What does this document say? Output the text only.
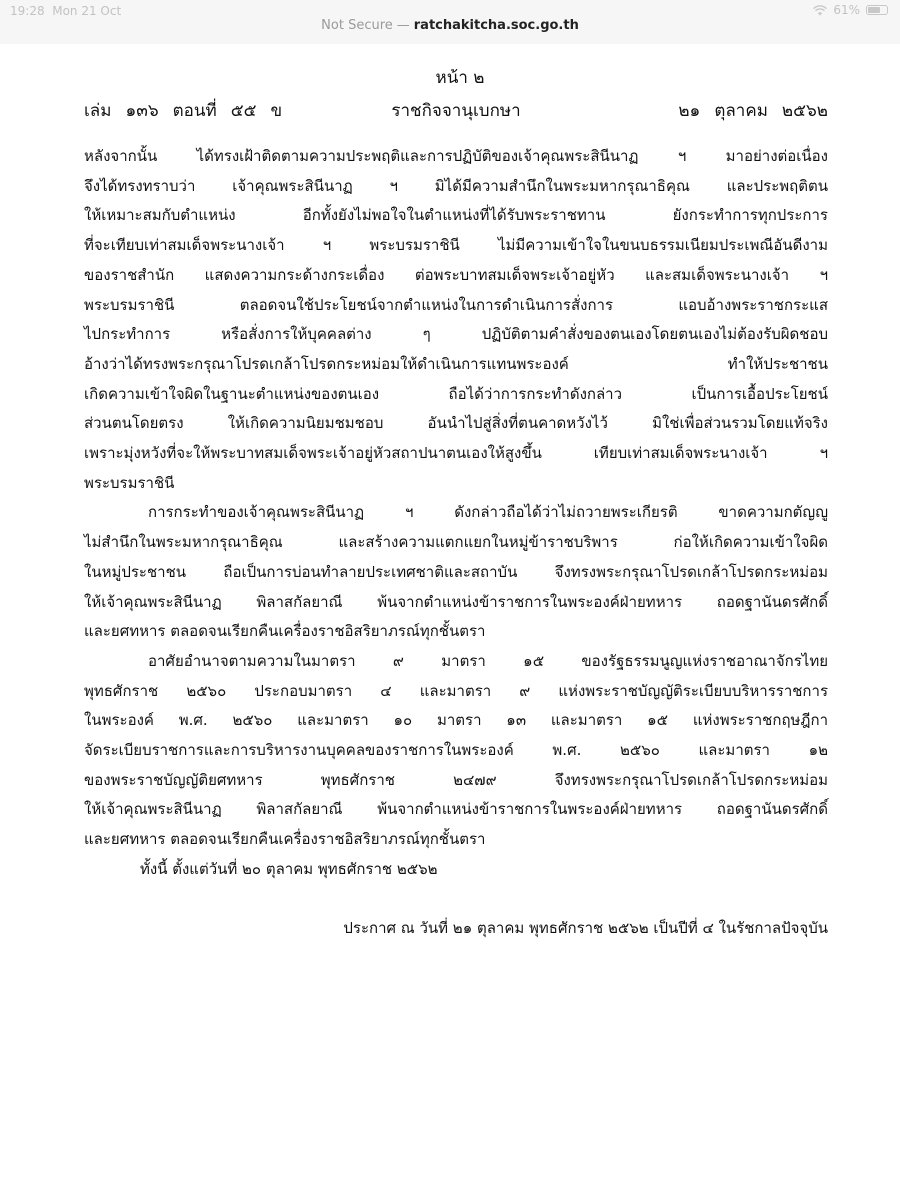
19:28 Mon 21 Oct	61%
Not Secure — ratchakitcha.soc.go.th
หน้า ๒
เล่ม ๑๓๖ ตอนที่ ๕๕ ข	ราชกิจจานุเบกษา	๒๑ ตุลาคม ๒๕๖๒

หลังจากนั้น ได้ทรงเฝ้าติดตามความประพฤติและการปฏิบัติของเจ้าคุณพระสินีนาฏ ฯ มาอย่างต่อเนื่อง
จึงได้ทรงทราบว่า เจ้าคุณพระสินีนาฏ ฯ มิได้มีความสำนึกในพระมหากรุณาธิคุณ และประพฤติตน
ให้เหมาะสมกับตำแหน่ง อีกทั้งยังไม่พอใจในตำแหน่งที่ได้รับพระราชทาน ยังกระทำการทุกประการ
ที่จะเทียบเท่าสมเด็จพระนางเจ้า ฯ พระบรมราชินี ไม่มีความเข้าใจในขนบธรรมเนียมประเพณีอันดีงาม
ของราชสำนัก แสดงความกระด้างกระเดื่อง ต่อพระบาทสมเด็จพระเจ้าอยู่หัว และสมเด็จพระนางเจ้า ฯ
พระบรมราชินี ตลอดจนใช้ประโยชน์จากตำแหน่งในการดำเนินการสั่งการ แอบอ้างพระราชกระแส
ไปกระทำการ หรือสั่งการให้บุคคลต่าง ๆ ปฏิบัติตามคำสั่งของตนเองโดยตนเองไม่ต้องรับผิดชอบ
อ้างว่าได้ทรงพระกรุณาโปรดเกล้าโปรดกระหม่อมให้ดำเนินการแทนพระองค์ ทำให้ประชาชน
เกิดความเข้าใจผิดในฐานะตำแหน่งของตนเอง ถือได้ว่าการกระทำดังกล่าว เป็นการเอื้อประโยชน์
ส่วนตนโดยตรง ให้เกิดความนิยมชมชอบ อันนำไปสู่สิ่งที่ตนคาดหวังไว้ มิใช่เพื่อส่วนรวมโดยแท้จริง
เพราะมุ่งหวังที่จะให้พระบาทสมเด็จพระเจ้าอยู่หัวสถาปนาตนเองให้สูงขึ้น เทียบเท่าสมเด็จพระนางเจ้า ฯ
พระบรมราชินี

การกระทำของเจ้าคุณพระสินีนาฏ ฯ ดังกล่าวถือได้ว่าไม่ถวายพระเกียรติ ขาดความกตัญญู
ไม่สำนึกในพระมหากรุณาธิคุณ และสร้างความแตกแยกในหมู่ข้าราชบริพาร ก่อให้เกิดความเข้าใจผิด
ในหมู่ประชาชน ถือเป็นการบ่อนทำลายประเทศชาติและสถาบัน จึงทรงพระกรุณาโปรดเกล้าโปรดกระหม่อม
ให้เจ้าคุณพระสินีนาฏ พิลาสกัลยาณี พ้นจากตำแหน่งข้าราชการในพระองค์ฝ่ายทหาร ถอดฐานันดรศักดิ์
และยศทหาร ตลอดจนเรียกคืนเครื่องราชอิสริยาภรณ์ทุกชั้นตรา

อาศัยอำนาจตามความในมาตรา ๙ มาตรา ๑๕ ของรัฐธรรมนูญแห่งราชอาณาจักรไทย
พุทธศักราช ๒๕๖๐ ประกอบมาตรา ๔ และมาตรา ๙ แห่งพระราชบัญญัติระเบียบบริหารราชการ
ในพระองค์ พ.ศ. ๒๕๖๐ และมาตรา ๑๐ มาตรา ๑๓ และมาตรา ๑๕ แห่งพระราชกฤษฎีกา
จัดระเบียบราชการและการบริหารงานบุคคลของราชการในพระองค์ พ.ศ. ๒๕๖๐ และมาตรา ๑๒
ของพระราชบัญญัติยศทหาร พุทธศักราช ๒๔๗๙ จึงทรงพระกรุณาโปรดเกล้าโปรดกระหม่อม
ให้เจ้าคุณพระสินีนาฏ พิลาสกัลยาณี พ้นจากตำแหน่งข้าราชการในพระองค์ฝ่ายทหาร ถอดฐานันดรศักดิ์
และยศทหาร ตลอดจนเรียกคืนเครื่องราชอิสริยาภรณ์ทุกชั้นตรา

ทั้งนี้ ตั้งแต่วันที่ ๒๐ ตุลาคม พุทธศักราช ๒๕๖๒

ประกาศ ณ วันที่ ๒๑ ตุลาคม พุทธศักราช ๒๕๖๒ เป็นปีที่ ๔ ในรัชกาลปัจจุบัน
